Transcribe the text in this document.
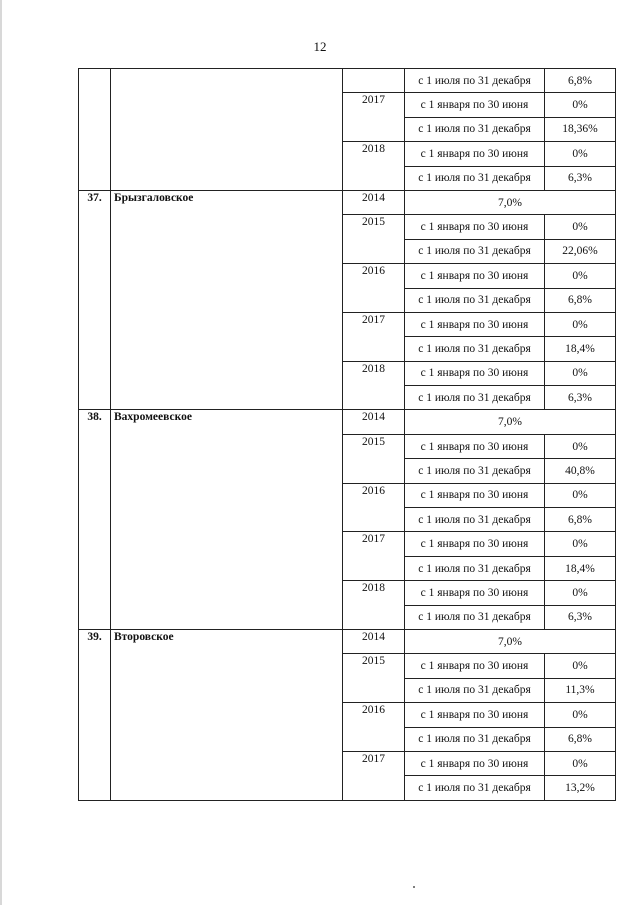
12
			с 1 июля по 31 декабря	6,8%
		2017	с 1 января по 30 июня	0%
			с 1 июля по 31 декабря	18,36%
		2018	с 1 января по 30 июня	0%
			с 1 июля по 31 декабря	6,3%
37.	Брызгаловское	2014	7,0%	
		2015	с 1 января по 30 июня	0%
			с 1 июля по 31 декабря	22,06%
		2016	с 1 января по 30 июня	0%
			с 1 июля по 31 декабря	6,8%
		2017	с 1 января по 30 июня	0%
			с 1 июля по 31 декабря	18,4%
		2018	с 1 января по 30 июня	0%
			с 1 июля по 31 декабря	6,3%
38.	Вахромеевское	2014	7,0%	
		2015	с 1 января по 30 июня	0%
			с 1 июля по 31 декабря	40,8%
		2016	с 1 января по 30 июня	0%
			с 1 июля по 31 декабря	6,8%
		2017	с 1 января по 30 июня	0%
			с 1 июля по 31 декабря	18,4%
		2018	с 1 января по 30 июня	0%
			с 1 июля по 31 декабря	6,3%
39.	Второвское	2014	7,0%	
		2015	с 1 января по 30 июня	0%
			с 1 июля по 31 декабря	11,3%
		2016	с 1 января по 30 июня	0%
			с 1 июля по 31 декабря	6,8%
		2017	с 1 января по 30 июня	0%
			с 1 июля по 31 декабря	13,2%
